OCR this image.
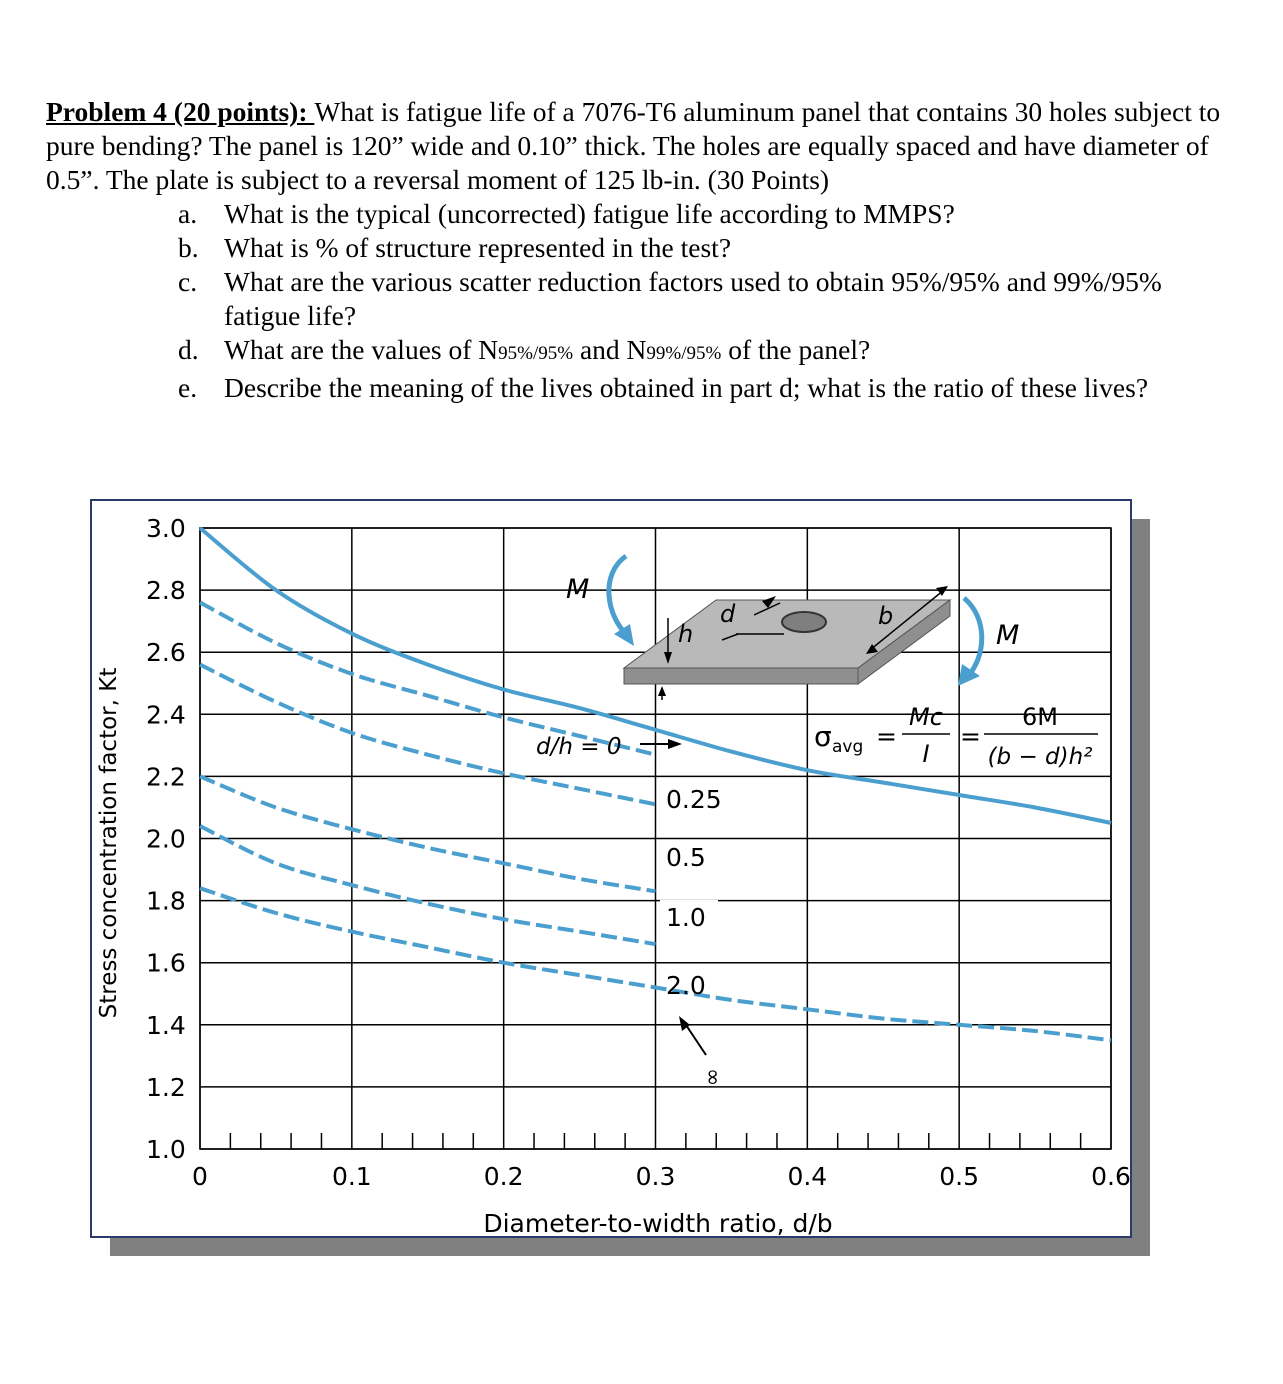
Problem 4 (20 points): What is fatigue life of a 7076-T6 aluminum panel that contains 30 holes subject to pure bending? The panel is 120” wide and 0.10” thick. The holes are equally spaced and have diameter of 0.5”. The plate is subject to a reversal moment of 125 lb-in. (30 Points)

a. What is the typical (uncorrected) fatigue life according to MMPS?
b. What is % of structure represented in the test?
c. What are the various scatter reduction factors used to obtain 95%/95% and 99%/95% fatigue life?
d. What are the values of N95%/95% and N99%/95% of the panel?
e. Describe the meaning of the lives obtained in part d; what is the ratio of these lives?
1.0
1.2
1.4
1.6
1.8
2.0
2.2
2.4
2.6
2.8
3.0
0	0.1	0.2	0.3	0.4	0.5	0.6
Stress concentration factor, Kt
Diameter-to-width ratio, d/b
0.25
0.5
1.0
2.0
d/h = 0
∞
M
M
h
d	b
σ avg =
Mc
I
=
6M
(b − d)h²
